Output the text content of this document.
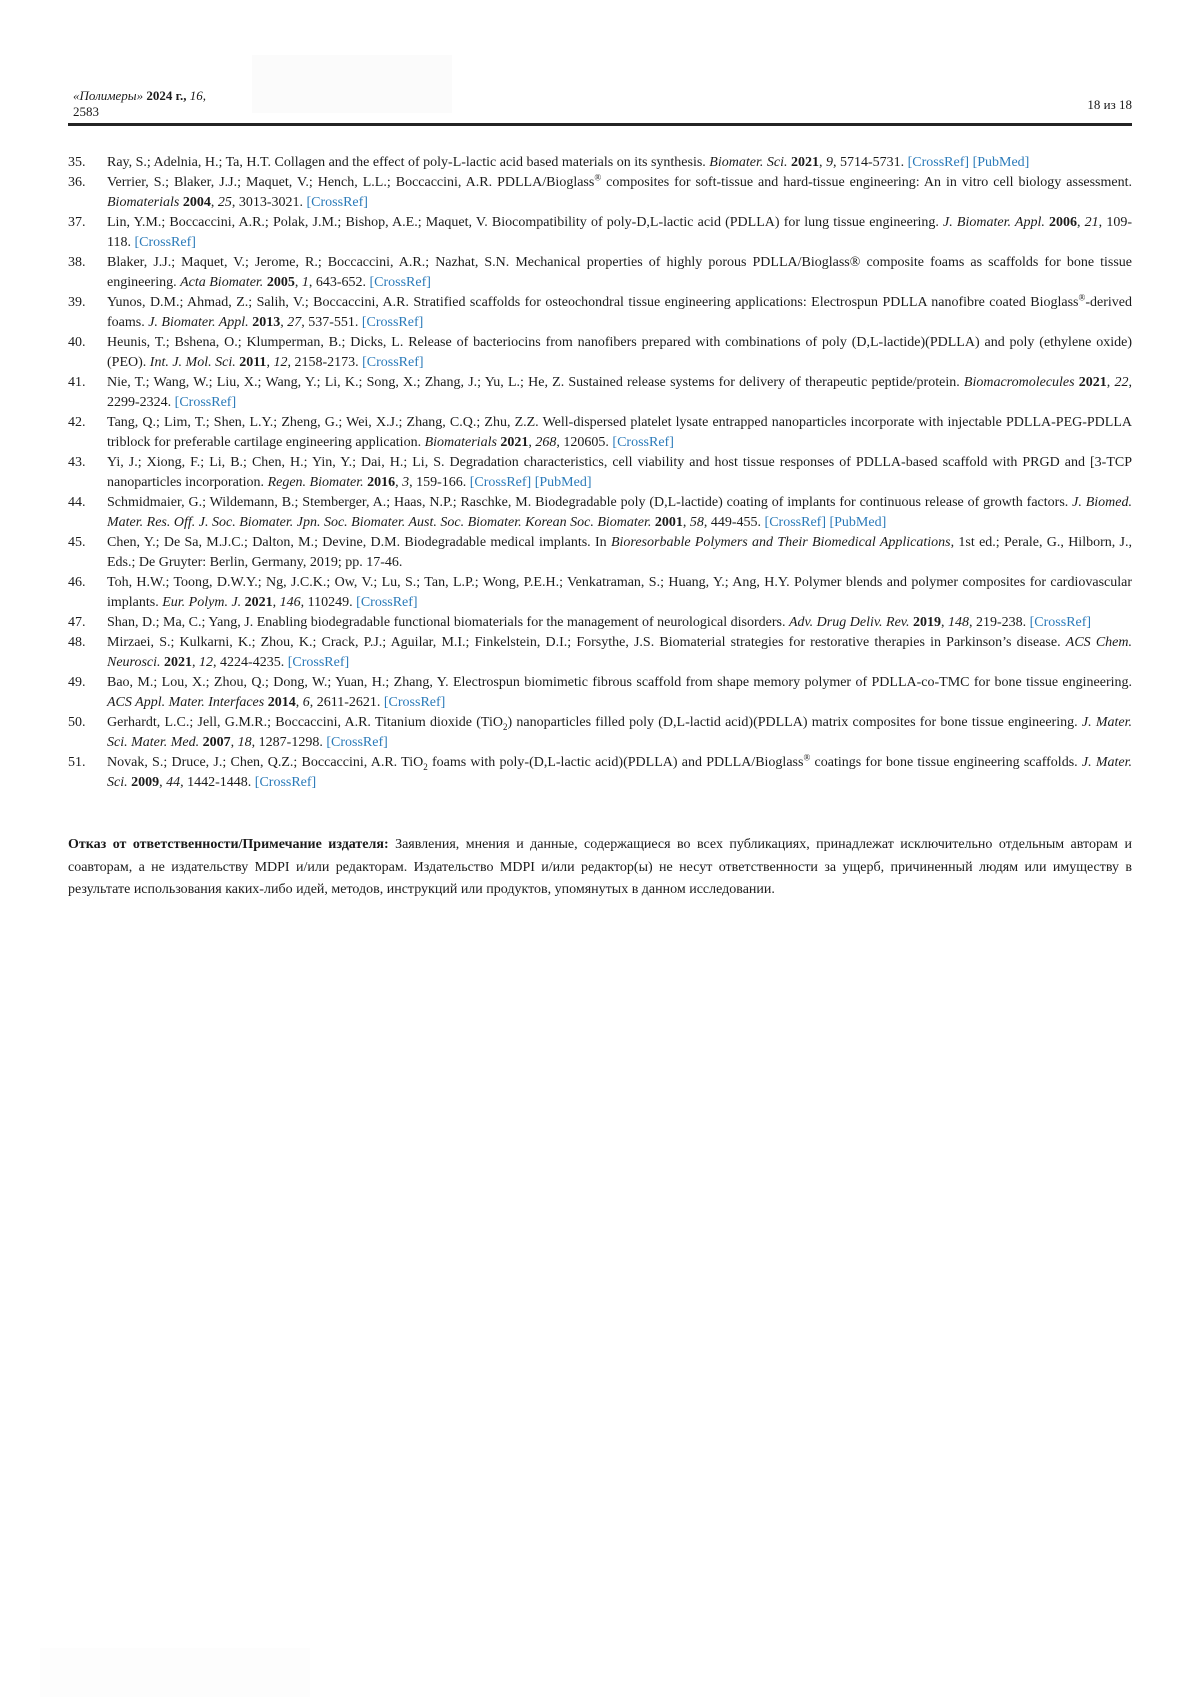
«Полимеры» 2024 г., 16,
2583	18 из 18
35. Ray, S.; Adelnia, H.; Ta, H.T. Collagen and the effect of poly-L-lactic acid based materials on its synthesis. Biomater. Sci. 2021, 9, 5714-5731. [CrossRef] [PubMed]
36. Verrier, S.; Blaker, J.J.; Maquet, V.; Hench, L.L.; Boccaccini, A.R. PDLLA/Bioglass® composites for soft-tissue and hard-tissue engineering: An in vitro cell biology assessment. Biomaterials 2004, 25, 3013-3021. [CrossRef]
37. Lin, Y.M.; Boccaccini, A.R.; Polak, J.M.; Bishop, A.E.; Maquet, V. Biocompatibility of poly-D,L-lactic acid (PDLLA) for lung tissue engineering. J. Biomater. Appl. 2006, 21, 109-118. [CrossRef]
38. Blaker, J.J.; Maquet, V.; Jerome, R.; Boccaccini, A.R.; Nazhat, S.N. Mechanical properties of highly porous PDLLA/Bioglass® composite foams as scaffolds for bone tissue engineering. Acta Biomater. 2005, 1, 643-652. [CrossRef]
39. Yunos, D.M.; Ahmad, Z.; Salih, V.; Boccaccini, A.R. Stratified scaffolds for osteochondral tissue engineering applications: Electrospun PDLLA nanofibre coated Bioglass®-derived foams. J. Biomater. Appl. 2013, 27, 537-551. [CrossRef]
40. Heunis, T.; Bshena, O.; Klumperman, B.; Dicks, L. Release of bacteriocins from nanofibers prepared with combinations of poly (D,L-lactide)(PDLLA) and poly (ethylene oxide)(PEO). Int. J. Mol. Sci. 2011, 12, 2158-2173. [CrossRef]
41. Nie, T.; Wang, W.; Liu, X.; Wang, Y.; Li, K.; Song, X.; Zhang, J.; Yu, L.; He, Z. Sustained release systems for delivery of therapeutic peptide/protein. Biomacromolecules 2021, 22, 2299-2324. [CrossRef]
42. Tang, Q.; Lim, T.; Shen, L.Y.; Zheng, G.; Wei, X.J.; Zhang, C.Q.; Zhu, Z.Z. Well-dispersed platelet lysate entrapped nanoparticles incorporate with injectable PDLLA-PEG-PDLLA triblock for preferable cartilage engineering application. Biomaterials 2021, 268, 120605. [CrossRef]
43. Yi, J.; Xiong, F.; Li, B.; Chen, H.; Yin, Y.; Dai, H.; Li, S. Degradation characteristics, cell viability and host tissue responses of PDLLA-based scaffold with PRGD and [3-TCP nanoparticles incorporation. Regen. Biomater. 2016, 3, 159-166. [CrossRef] [PubMed]
44. Schmidmaier, G.; Wildemann, B.; Stemberger, A.; Haas, N.P.; Raschke, M. Biodegradable poly (D,L-lactide) coating of implants for continuous release of growth factors. J. Biomed. Mater. Res. Off. J. Soc. Biomater. Jpn. Soc. Biomater. Aust. Soc. Biomater. Korean Soc. Biomater. 2001, 58, 449-455. [CrossRef] [PubMed]
45. Chen, Y.; De Sa, M.J.C.; Dalton, M.; Devine, D.M. Biodegradable medical implants. In Bioresorbable Polymers and Their Biomedical Applications, 1st ed.; Perale, G., Hilborn, J., Eds.; De Gruyter: Berlin, Germany, 2019; pp. 17-46.
46. Toh, H.W.; Toong, D.W.Y.; Ng, J.C.K.; Ow, V.; Lu, S.; Tan, L.P.; Wong, P.E.H.; Venkatraman, S.; Huang, Y.; Ang, H.Y. Polymer blends and polymer composites for cardiovascular implants. Eur. Polym. J. 2021, 146, 110249. [CrossRef]
47. Shan, D.; Ma, C.; Yang, J. Enabling biodegradable functional biomaterials for the management of neurological disorders. Adv. Drug Deliv. Rev. 2019, 148, 219-238. [CrossRef]
48. Mirzaei, S.; Kulkarni, K.; Zhou, K.; Crack, P.J.; Aguilar, M.I.; Finkelstein, D.I.; Forsythe, J.S. Biomaterial strategies for restorative therapies in Parkinson’s disease. ACS Chem. Neurosci. 2021, 12, 4224-4235. [CrossRef]
49. Bao, M.; Lou, X.; Zhou, Q.; Dong, W.; Yuan, H.; Zhang, Y. Electrospun biomimetic fibrous scaffold from shape memory polymer of PDLLA-co-TMC for bone tissue engineering. ACS Appl. Mater. Interfaces 2014, 6, 2611-2621. [CrossRef]
50. Gerhardt, L.C.; Jell, G.M.R.; Boccaccini, A.R. Titanium dioxide (TiO$_2$) nanoparticles filled poly (D,L-lactid acid)(PDLLA) matrix composites for bone tissue engineering. J. Mater. Sci. Mater. Med. 2007, 18, 1287-1298. [CrossRef]
51. Novak, S.; Druce, J.; Chen, Q.Z.; Boccaccini, A.R. TiO$_2$ foams with poly-(D,L-lactic acid)(PDLLA) and PDLLA/Bioglass® coatings for bone tissue engineering scaffolds. J. Mater. Sci. 2009, 44, 1442-1448. [CrossRef]

Отказ от ответственности/Примечание издателя: Заявления, мнения и данные, содержащиеся во всех публикациях, принадлежат исключительно отдельным авторам и соавторам, а не издательству MDPI и/или редакторам. Издательство MDPI и/или редактор(ы) не несут ответственности за ущерб, причиненный людям или имуществу в результате использования каких-либо идей, методов, инструкций или продуктов, упомянутых в данном исследовании.
